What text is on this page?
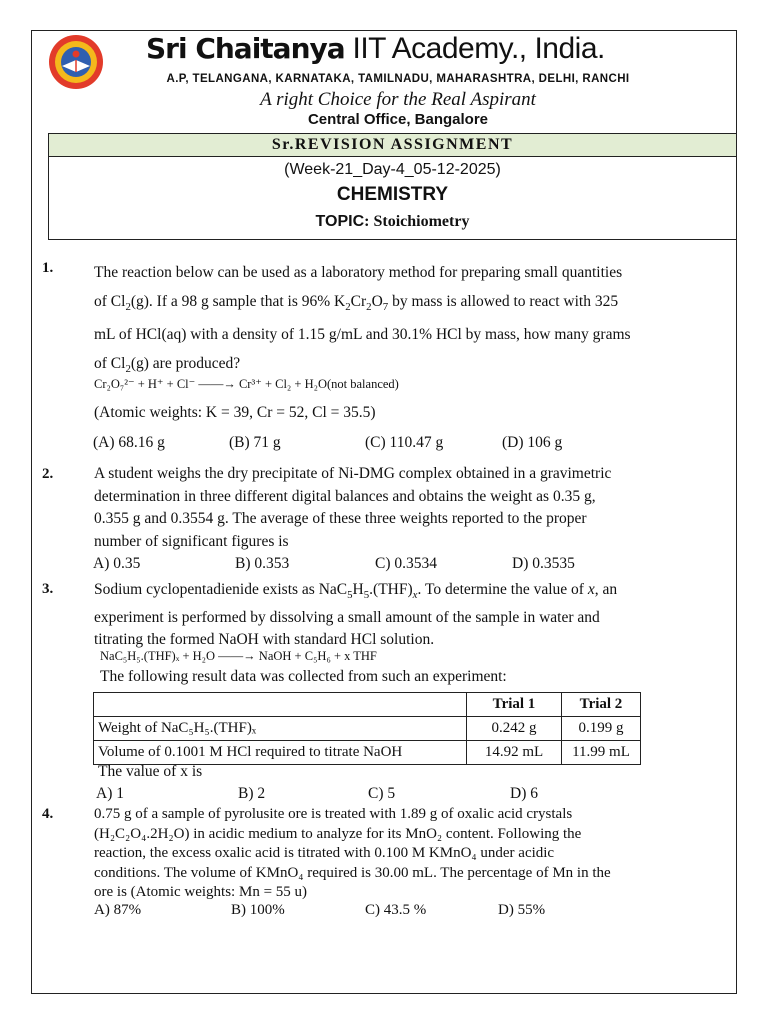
Sri Chaitanya IIT Academy., India.
A.P, TELANGANA, KARNATAKA, TAMILNADU, MAHARASHTRA, DELHI, RANCHI
A right Choice for the Real Aspirant
Central Office, Bangalore
Sr.REVISION ASSIGNMENT
(Week-21_Day-4_05-12-2025)
CHEMISTRY
TOPIC: Stoichiometry
1.	The reaction below can be used as a laboratory method for preparing small quantities
of $Cl_2(g)$. If a 98 g sample that is 96% $K_2Cr_2O_7$ by mass is allowed to react with 325
mL of HCl(aq) with a density of 1.15 g/mL and 30.1% HCl by mass, how many grams
of $Cl_2(g)$ are produced?
Cr₂O₇²⁻ + H⁺ + Cl⁻ ——→ Cr³⁺ + Cl₂ + H₂O(not balanced)
(Atomic weights: K = 39, Cr = 52, Cl = 35.5)
(A) 68.16 g	(B) 71 g	(C) 110.47 g	(D) 106 g
2.	A student weighs the dry precipitate of Ni-DMG complex obtained in a gravimetric
determination in three different digital balances and obtains the weight as 0.35 g,
0.355 g and 0.3554 g. The average of these three weights reported to the proper
number of significant figures is
A) 0.35	B) 0.353	C) 0.3534	D) 0.3535
3.	Sodium cyclopentadienide exists as $NaC_5H_5.(THF)_x$. To determine the value of x, an
experiment is performed by dissolving a small amount of the sample in water and
titrating the formed NaOH with standard HCl solution.
NaC₅H₅.(THF)ₓ + H₂O ——→ NaOH + C₅H₆ + x THF
The following result data was collected from such an experiment:
	Trial 1	Trial 2
Weight of NaC₅H₅.(THF)ₓ	0.242 g	0.199 g
Volume of 0.1001 M HCl required to titrate NaOH	14.92 mL	11.99 mL
The value of x is
A) 1	B) 2	C) 5	D) 6
4.	0.75 g of a sample of pyrolusite ore is treated with 1.89 g of oxalic acid crystals
(H₂C₂O₄.2H₂O) in acidic medium to analyze for its MnO₂ content. Following the
reaction, the excess oxalic acid is titrated with 0.100 M KMnO₄ under acidic
conditions. The volume of KMnO₄ required is 30.00 mL. The percentage of Mn in the
ore is (Atomic weights: Mn = 55 u)
A) 87%	B) 100%	C) 43.5 %	D) 55%
